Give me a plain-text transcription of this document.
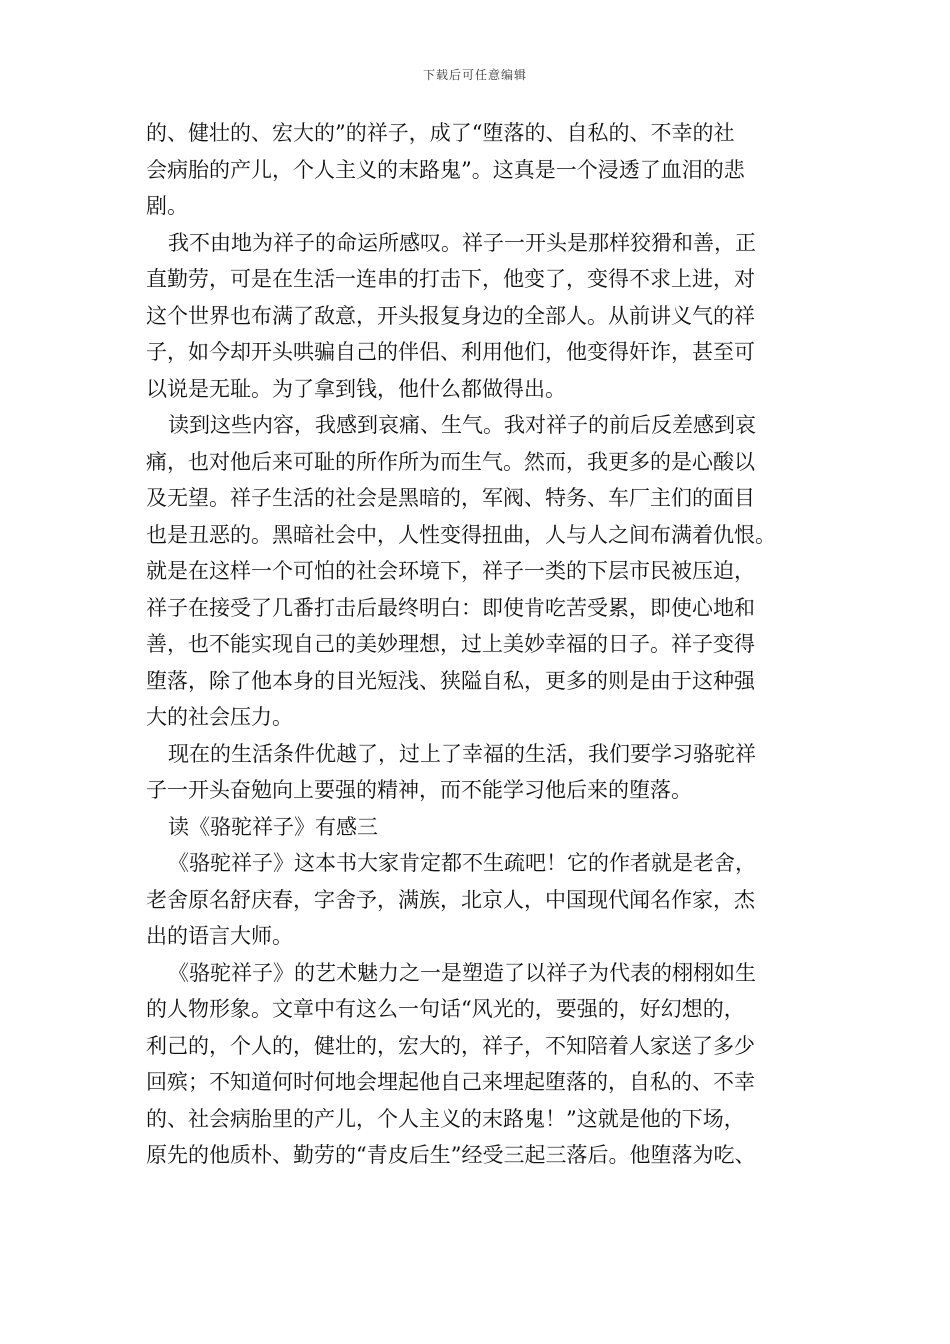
下载后可任意编辑
的、健壮的、宏大的”的祥子，成了“堕落的、自私的、不幸的社
会病胎的产儿，个人主义的末路鬼”。这真是一个浸透了血泪的悲
剧。
我不由地为祥子的命运所感叹。祥子一开头是那样狡猾和善，正
直勤劳，可是在生活一连串的打击下，他变了，变得不求上进，对
这个世界也布满了敌意，开头报复身边的全部人。从前讲义气的祥
子，如今却开头哄骗自己的伴侣、利用他们，他变得奸诈，甚至可
以说是无耻。为了拿到钱，他什么都做得出。
读到这些内容，我感到哀痛、生气。我对祥子的前后反差感到哀
痛，也对他后来可耻的所作所为而生气。然而，我更多的是心酸以
及无望。祥子生活的社会是黑暗的，军阀、特务、车厂主们的面目
也是丑恶的。黑暗社会中，人性变得扭曲，人与人之间布满着仇恨。
就是在这样一个可怕的社会环境下，祥子一类的下层市民被压迫，
祥子在接受了几番打击后最终明白：即使肯吃苦受累，即使心地和
善，也不能实现自己的美妙理想，过上美妙幸福的日子。祥子变得
堕落，除了他本身的目光短浅、狭隘自私，更多的则是由于这种强
大的社会压力。
现在的生活条件优越了，过上了幸福的生活，我们要学习骆驼祥
子一开头奋勉向上要强的精神，而不能学习他后来的堕落。
读《骆驼祥子》有感三
《骆驼祥子》这本书大家肯定都不生疏吧！它的作者就是老舍，
老舍原名舒庆春，字舍予，满族，北京人，中国现代闻名作家，杰
出的语言大师。
《骆驼祥子》的艺术魅力之一是塑造了以祥子为代表的栩栩如生
的人物形象。文章中有这么一句话“风光的，要强的，好幻想的，
利己的，个人的，健壮的，宏大的，祥子，不知陪着人家送了多少
回殡；不知道何时何地会埋起他自己来埋起堕落的，自私的、不幸
的、社会病胎里的产儿，个人主义的末路鬼！”这就是他的下场，
原先的他质朴、勤劳的“青皮后生”经受三起三落后。他堕落为吃、
